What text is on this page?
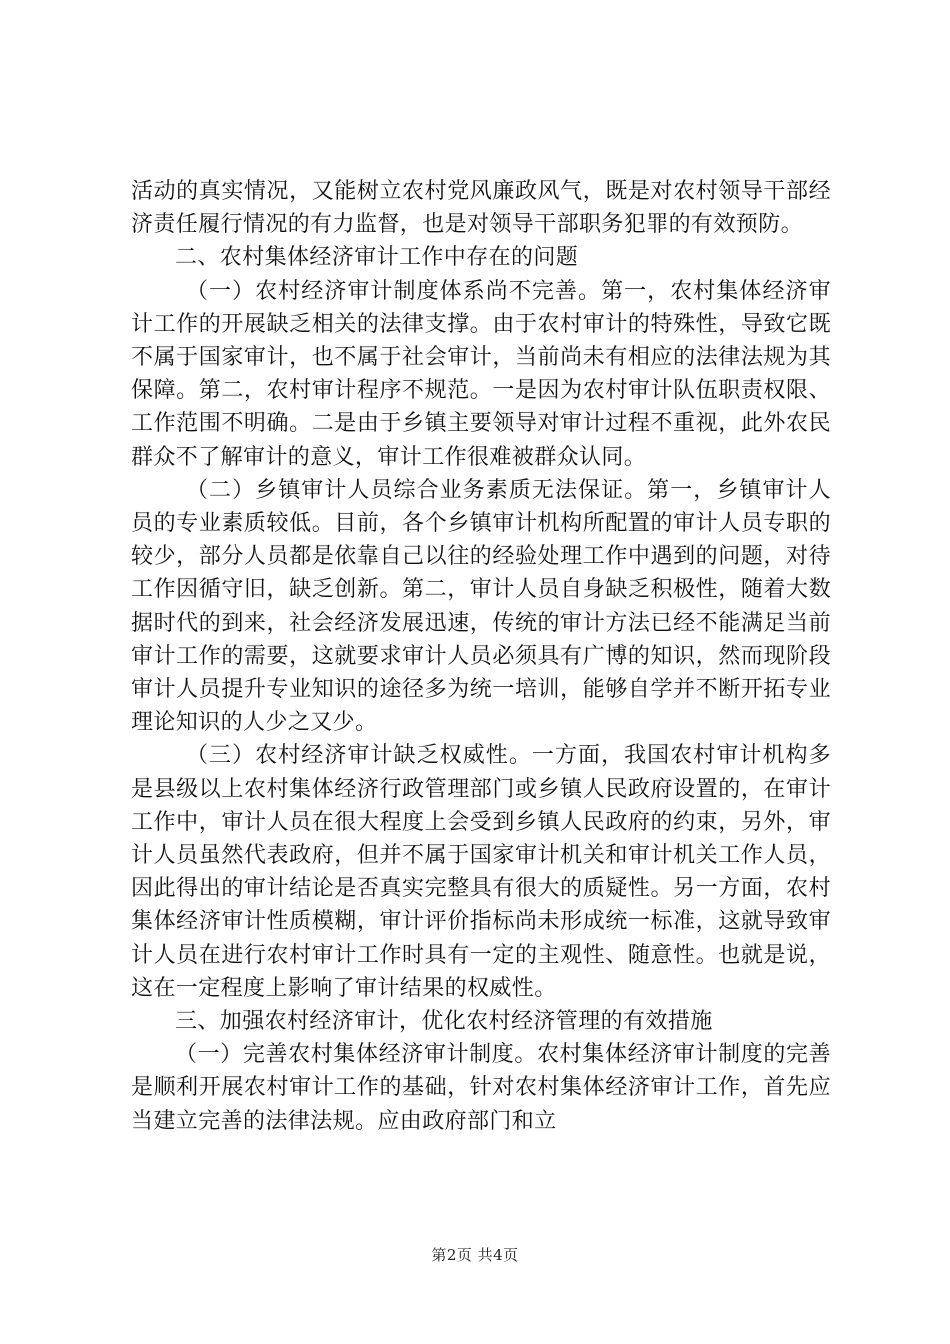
活动的真实情况，又能树立农村党风廉政风气，既是对农村领导干部经济责任履行情况的有力监督，也是对领导干部职务犯罪的有效预防。

二、农村集体经济审计工作中存在的问题

（一）农村经济审计制度体系尚不完善。第一，农村集体经济审计工作的开展缺乏相关的法律支撑。由于农村审计的特殊性，导致它既不属于国家审计，也不属于社会审计，当前尚未有相应的法律法规为其保障。第二，农村审计程序不规范。一是因为农村审计队伍职责权限、工作范围不明确。二是由于乡镇主要领导对审计过程不重视，此外农民群众不了解审计的意义，审计工作很难被群众认同。

（二）乡镇审计人员综合业务素质无法保证。第一，乡镇审计人员的专业素质较低。目前，各个乡镇审计机构所配置的审计人员专职的较少，部分人员都是依靠自己以往的经验处理工作中遇到的问题，对待工作因循守旧，缺乏创新。第二，审计人员自身缺乏积极性，随着大数据时代的到来，社会经济发展迅速，传统的审计方法已经不能满足当前审计工作的需要，这就要求审计人员必须具有广博的知识，然而现阶段审计人员提升专业知识的途径多为统一培训，能够自学并不断开拓专业理论知识的人少之又少。

（三）农村经济审计缺乏权威性。一方面，我国农村审计机构多是县级以上农村集体经济行政管理部门或乡镇人民政府设置的，在审计工作中，审计人员在很大程度上会受到乡镇人民政府的约束，另外，审计人员虽然代表政府，但并不属于国家审计机关和审计机关工作人员，因此得出的审计结论是否真实完整具有很大的质疑性。另一方面，农村集体经济审计性质模糊，审计评价指标尚未形成统一标准，这就导致审计人员在进行农村审计工作时具有一定的主观性、随意性。也就是说，这在一定程度上影响了审计结果的权威性。

三、加强农村经济审计，优化农村经济管理的有效措施

（一）完善农村集体经济审计制度。农村集体经济审计制度的完善是顺利开展农村审计工作的基础，针对农村集体经济审计工作，首先应当建立完善的法律法规。应由政府部门和立

第2页 共4页
